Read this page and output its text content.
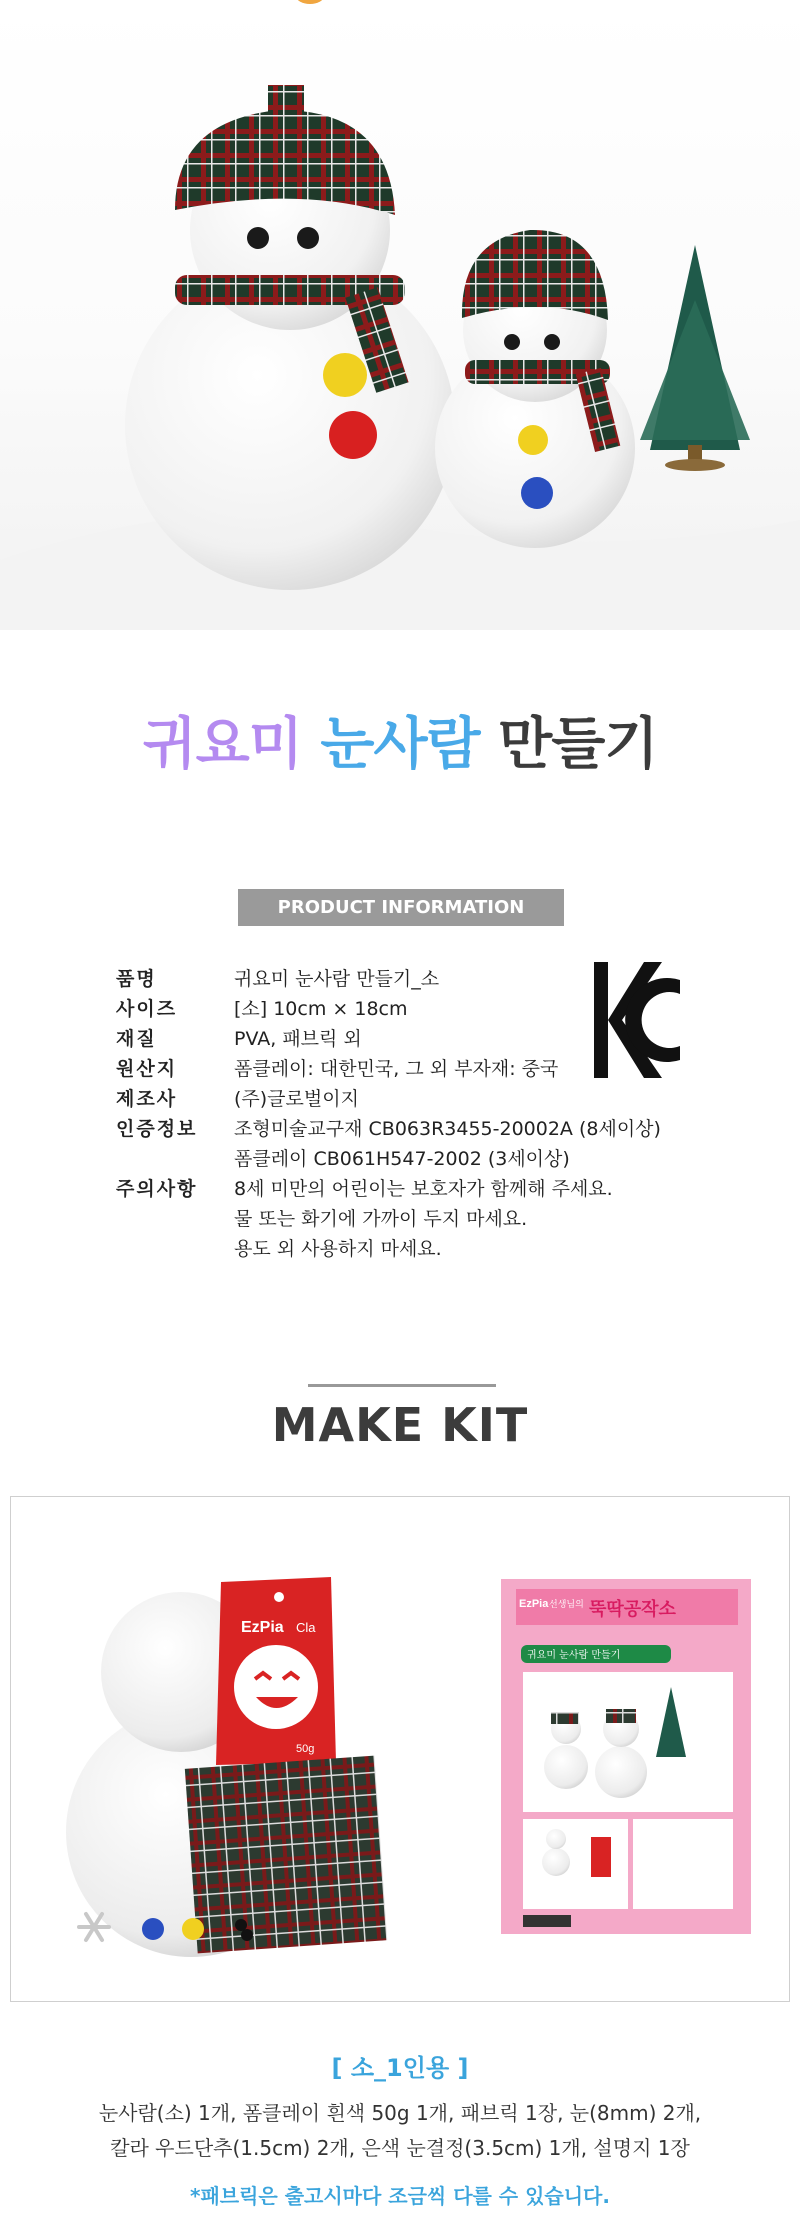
귀요미 눈사람 만들기
PRODUCT INFORMATION
품명	귀요미 눈사람 만들기_소
사이즈	[소] 10cm × 18cm
재질	PVA, 패브릭 외
원산지	폼클레이: 대한민국, 그 외 부자재: 중국
제조사	(주)글로벌이지
인증정보	조형미술교구재 CB063R3455-20002A (8세이상)
폼클레이 CB061H547-2002 (3세이상)
주의사항	8세 미만의 어린이는 보호자가 함께해 주세요.
물 또는 화기에 가까이 두지 마세요.
용도 외 사용하지 마세요.
MAKE KIT
EzPia Cla
50g
EzPia 선생님의 뚝딱공작소
귀요미 눈사람 만들기
[ 소_1인용 ]
눈사람(소) 1개, 폼클레이 흰색 50g 1개, 패브릭 1장, 눈(8mm) 2개,
칼라 우드단추(1.5cm) 2개, 은색 눈결정(3.5cm) 1개, 설명지 1장
*패브릭은 출고시마다 조금씩 다를 수 있습니다.
